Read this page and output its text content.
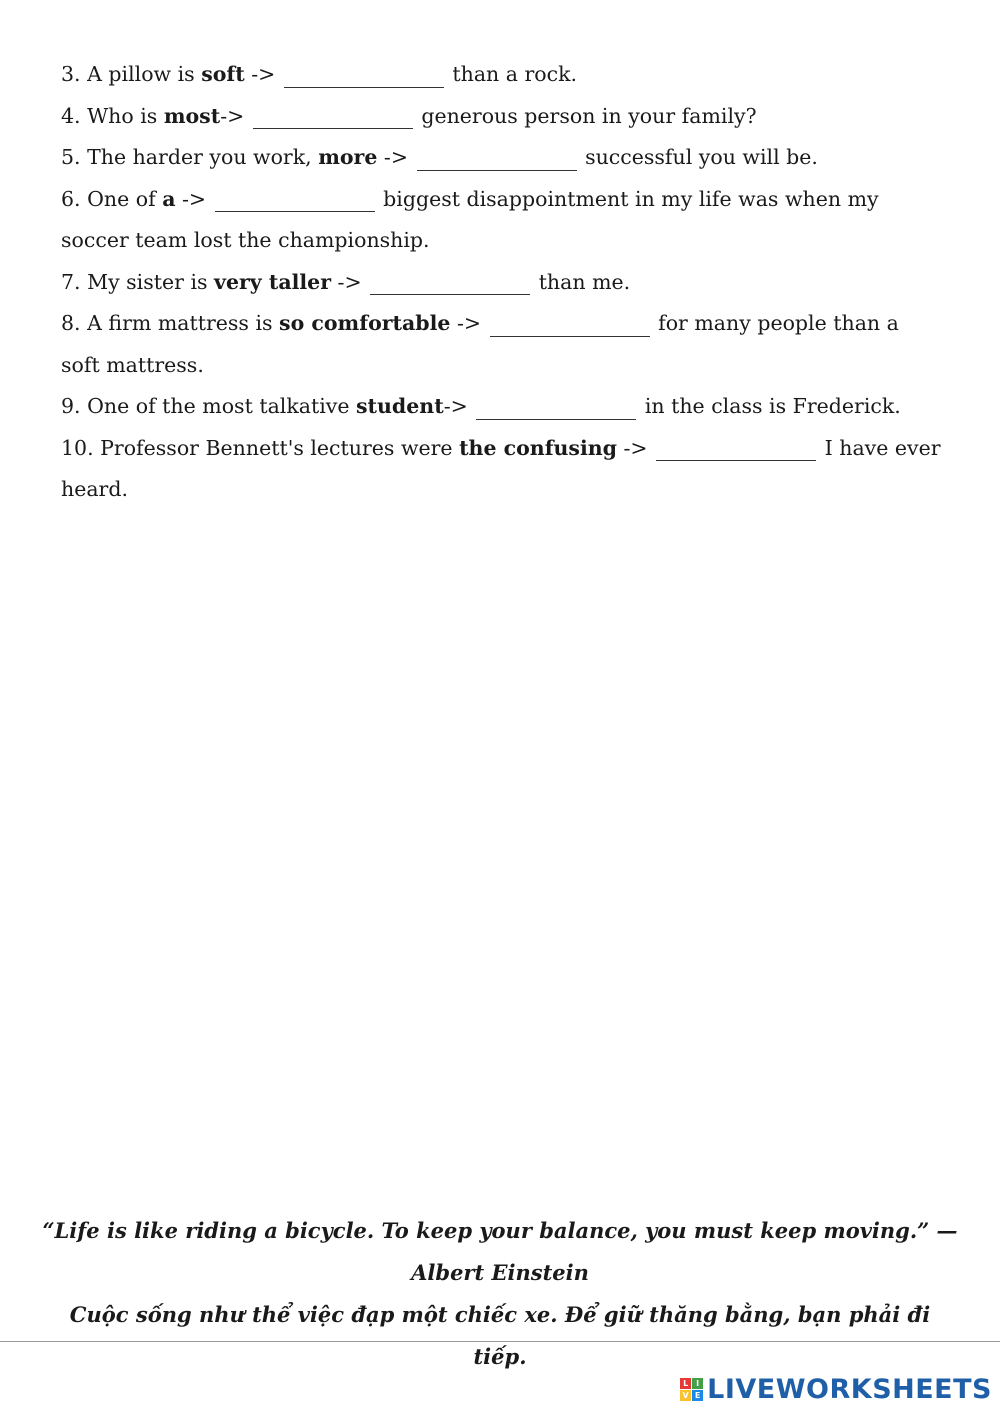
3. A pillow is soft ->	than a rock.

4. Who is most->	generous person in your family?

5. The harder you work, more ->	successful you will be.

6. One of a ->	biggest disappointment in my life was when my soccer team lost the championship.

7. My sister is very taller ->	than me.

8. A firm mattress is so comfortable ->	for many people than a soft mattress.

9. One of the most talkative student->	in the class is Frederick.

10. Professor Bennett's lectures were the confusing ->	I have ever heard.

“Life is like riding a bicycle. To keep your balance, you must keep moving.” — Albert Einstein

Cuộc sống như thể việc đạp một chiếc xe. Để giữ thăng bằng, bạn phải đi tiếp.

L I
V E LIVEWORKSHEETS
